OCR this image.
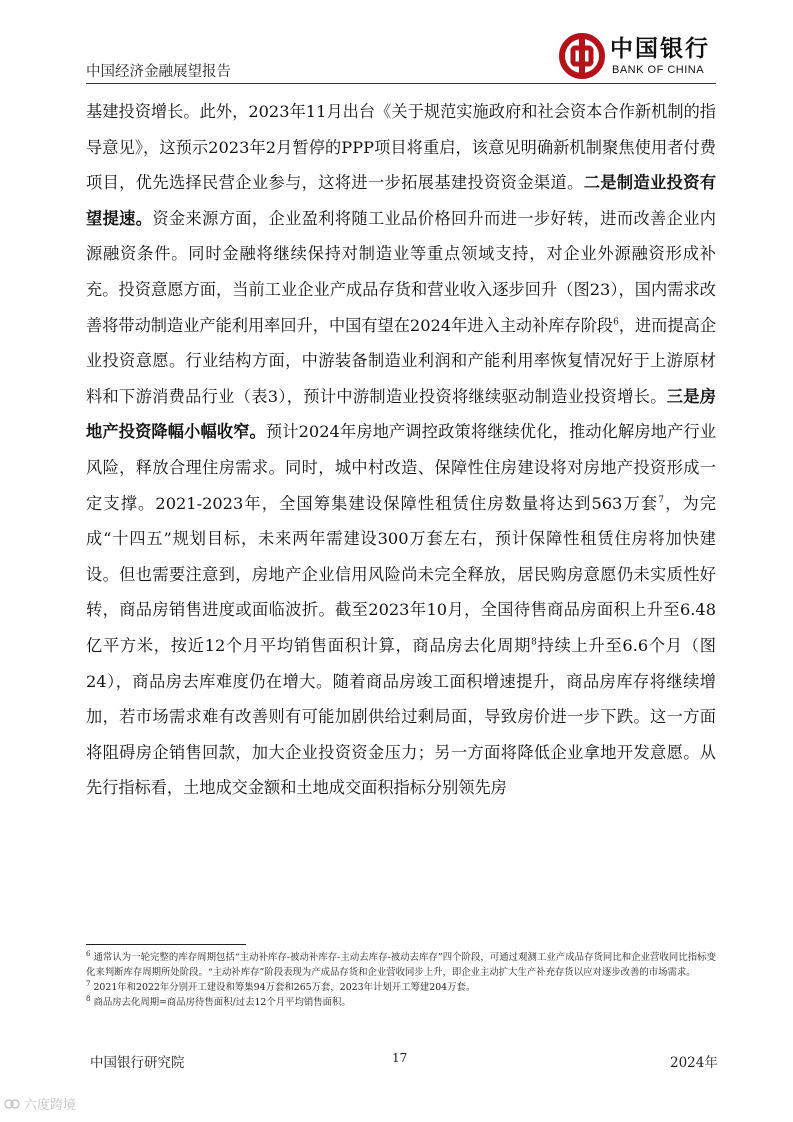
中国经济金融展望报告
中国银行
BANK OF CHINA
基建投资增长。此外，2023年11月出台《关于规范实施政府和社会资本合作新机制的指导意见》，这预示2023年2月暂停的PPP项目将重启，该意见明确新机制聚焦使用者付费项目，优先选择民营企业参与，这将进一步拓展基建投资资金渠道。二是制造业投资有望提速。资金来源方面，企业盈利将随工业品价格回升而进一步好转，进而改善企业内源融资条件。同时金融将继续保持对制造业等重点领域支持，对企业外源融资形成补充。投资意愿方面，当前工业企业产成品存货和营业收入逐步回升（图23），国内需求改善将带动制造业产能利用率回升，中国有望在2024年进入主动补库存阶段$^6$，进而提高企业投资意愿。行业结构方面，中游装备制造业利润和产能利用率恢复情况好于上游原材料和下游消费品行业（表3），预计中游制造业投资将继续驱动制造业投资增长。三是房地产投资降幅小幅收窄。预计2024年房地产调控政策将继续优化，推动化解房地产行业风险，释放合理住房需求。同时，城中村改造、保障性住房建设将对房地产投资形成一定支撑。2021-2023年，全国筹集建设保障性租赁住房数量将达到563万套$^7$，为完成“十四五”规划目标，未来两年需建设300万套左右，预计保障性租赁住房将加快建设。但也需要注意到，房地产企业信用风险尚未完全释放，居民购房意愿仍未实质性好转，商品房销售进度或面临波折。截至2023年10月，全国待售商品房面积上升至6.48亿平方米，按近12个月平均销售面积计算，商品房去化周期$^8$持续上升至6.6个月（图24），商品房去库难度仍在增大。随着商品房竣工面积增速提升，商品房库存将继续增加，若市场需求难有改善则有可能加剧供给过剩局面，导致房价进一步下跌。这一方面将阻碍房企销售回款，加大企业投资资金压力；另一方面将降低企业拿地开发意愿。从先行指标看，土地成交金额和土地成交面积指标分别领先房

$^6$ 通常认为一轮完整的库存周期包括“主动补库存-被动补库存-主动去库存-被动去库存”四个阶段，可通过观测工业产成品存货同比和企业营收同比指标变化来判断库存周期所处阶段。“主动补库存”阶段表现为产成品存货和企业营收同步上升，即企业主动扩大生产补充存货以应对逐步改善的市场需求。

$^7$ 2021年和2022年分别开工建设和筹集94万套和265万套，2023年计划开工筹建204万套。

$^8$ 商品房去化周期=商品房待售面积/过去12个月平均销售面积。

中国银行研究院	17	2024年
六度跨境
